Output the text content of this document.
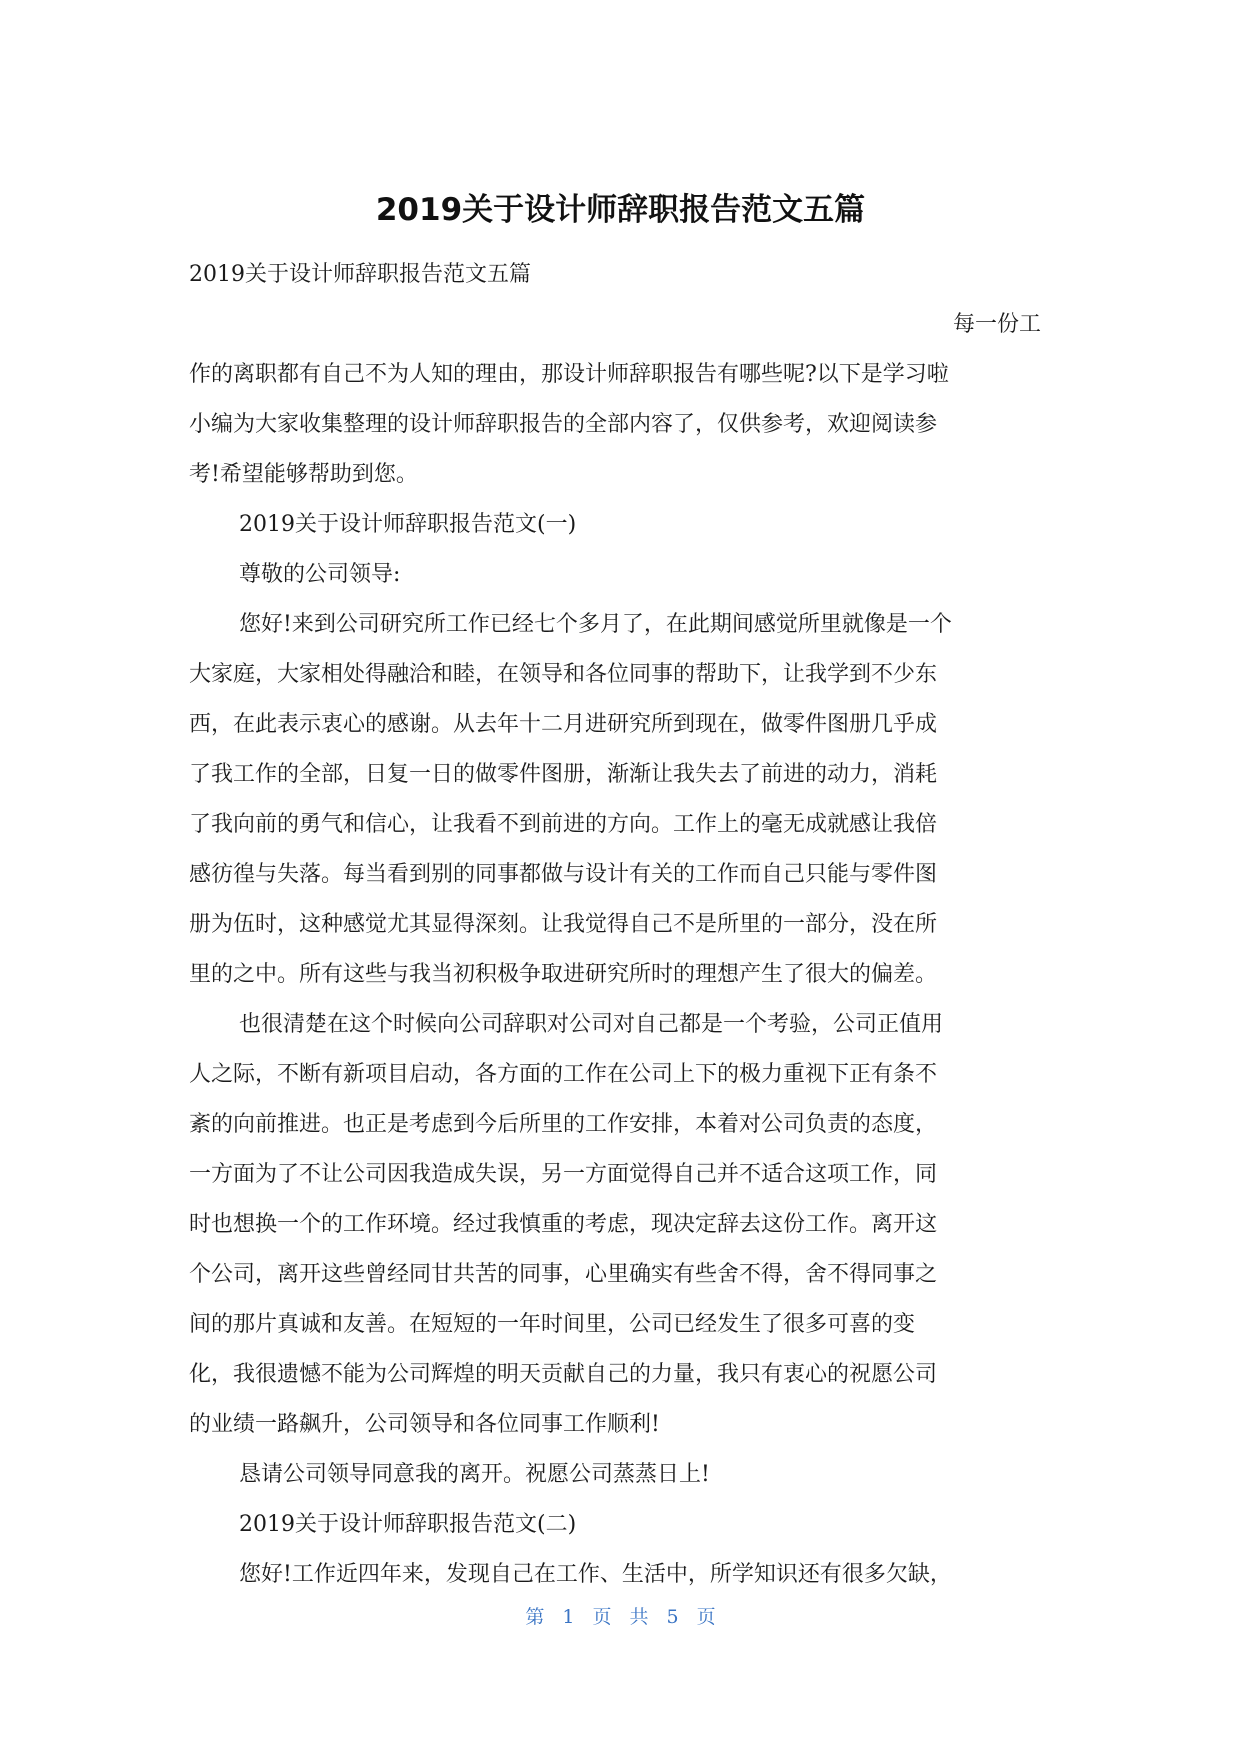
2019关于设计师辞职报告范文五篇

2019关于设计师辞职报告范文五篇

每一份工

作的离职都有自己不为人知的理由，那设计师辞职报告有哪些呢?以下是学习啦

小编为大家收集整理的设计师辞职报告的全部内容了，仅供参考，欢迎阅读参

考!希望能够帮助到您。

2019关于设计师辞职报告范文(一)

尊敬的公司领导:

您好!来到公司研究所工作已经七个多月了，在此期间感觉所里就像是一个

大家庭，大家相处得融洽和睦，在领导和各位同事的帮助下，让我学到不少东

西，在此表示衷心的感谢。从去年十二月进研究所到现在，做零件图册几乎成

了我工作的全部，日复一日的做零件图册，渐渐让我失去了前进的动力，消耗

了我向前的勇气和信心，让我看不到前进的方向。工作上的毫无成就感让我倍

感彷徨与失落。每当看到别的同事都做与设计有关的工作而自己只能与零件图

册为伍时，这种感觉尤其显得深刻。让我觉得自己不是所里的一部分，没在所

里的之中。所有这些与我当初积极争取进研究所时的理想产生了很大的偏差。

也很清楚在这个时候向公司辞职对公司对自己都是一个考验，公司正值用

人之际，不断有新项目启动，各方面的工作在公司上下的极力重视下正有条不

紊的向前推进。也正是考虑到今后所里的工作安排，本着对公司负责的态度，

一方面为了不让公司因我造成失误，另一方面觉得自己并不适合这项工作，同

时也想换一个的工作环境。经过我慎重的考虑，现决定辞去这份工作。离开这

个公司，离开这些曾经同甘共苦的同事，心里确实有些舍不得，舍不得同事之

间的那片真诚和友善。在短短的一年时间里，公司已经发生了很多可喜的变

化，我很遗憾不能为公司辉煌的明天贡献自己的力量，我只有衷心的祝愿公司

的业绩一路飙升，公司领导和各位同事工作顺利!

恳请公司领导同意我的离开。祝愿公司蒸蒸日上!

2019关于设计师辞职报告范文(二)

您好!工作近四年来，发现自己在工作、生活中，所学知识还有很多欠缺，

第 1 页 共 5 页
